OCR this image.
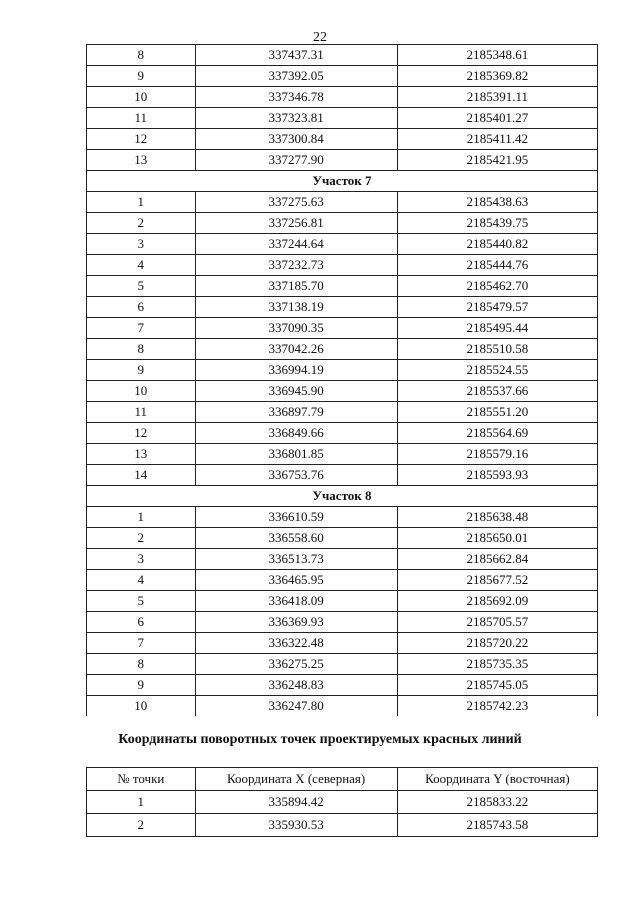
22
8	337437.31	2185348.61
9	337392.05	2185369.82
10	337346.78	2185391.11
11	337323.81	2185401.27
12	337300.84	2185411.42
13	337277.90	2185421.95
Участок 7		
1	337275.63	2185438.63
2	337256.81	2185439.75
3	337244.64	2185440.82
4	337232.73	2185444.76
5	337185.70	2185462.70
6	337138.19	2185479.57
7	337090.35	2185495.44
8	337042.26	2185510.58
9	336994.19	2185524.55
10	336945.90	2185537.66
11	336897.79	2185551.20
12	336849.66	2185564.69
13	336801.85	2185579.16
14	336753.76	2185593.93
Участок 8		
1	336610.59	2185638.48
2	336558.60	2185650.01
3	336513.73	2185662.84
4	336465.95	2185677.52
5	336418.09	2185692.09
6	336369.93	2185705.57
7	336322.48	2185720.22
8	336275.25	2185735.35
9	336248.83	2185745.05
10	336247.80	2185742.23
Координаты поворотных точек проектируемых красных линий
№ точки	Координата X (северная)	Координата Y (восточная)
1	335894.42	2185833.22
2	335930.53	2185743.58
